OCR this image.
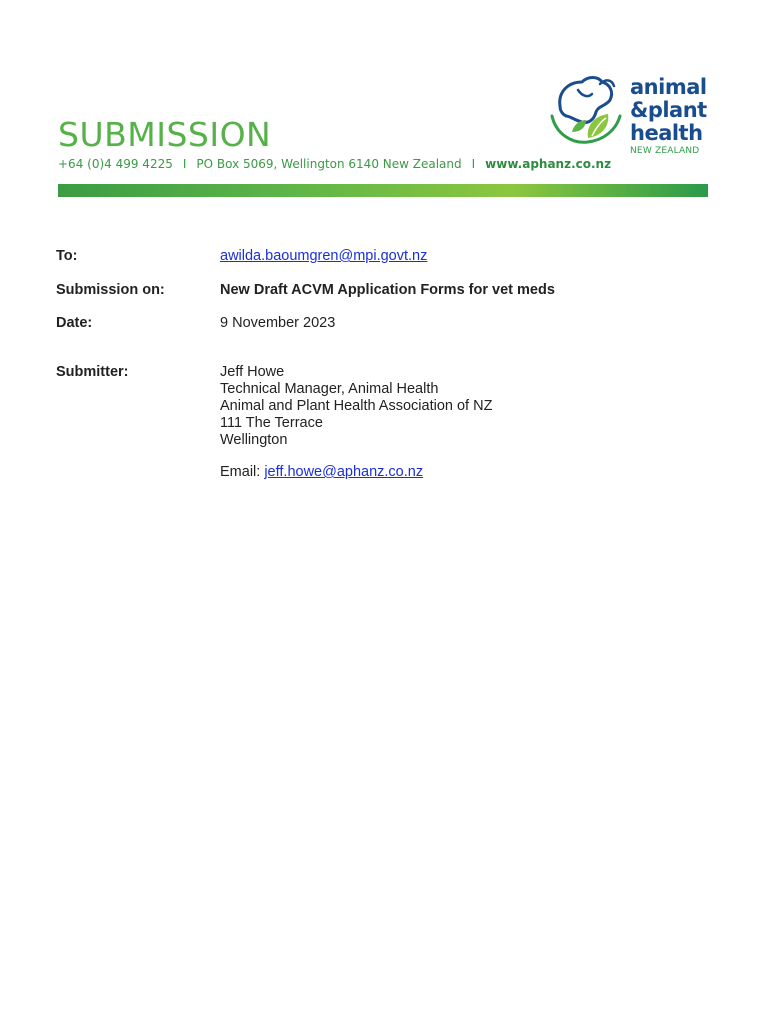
animal
&plant
health
NEW ZEALAND
SUBMISSION
+64 (0)4 499 4225 I PO Box 5069, Wellington 6140 New Zealand I www.aphanz.co.nz
To:	awilda.baoumgren@mpi.govt.nz
Submission on:	New Draft ACVM Application Forms for vet meds
Date:	9 November 2023
Submitter:	Jeff Howe
Technical Manager, Animal Health
Animal and Plant Health Association of NZ
111 The Terrace
Wellington
Email: jeff.howe@aphanz.co.nz
